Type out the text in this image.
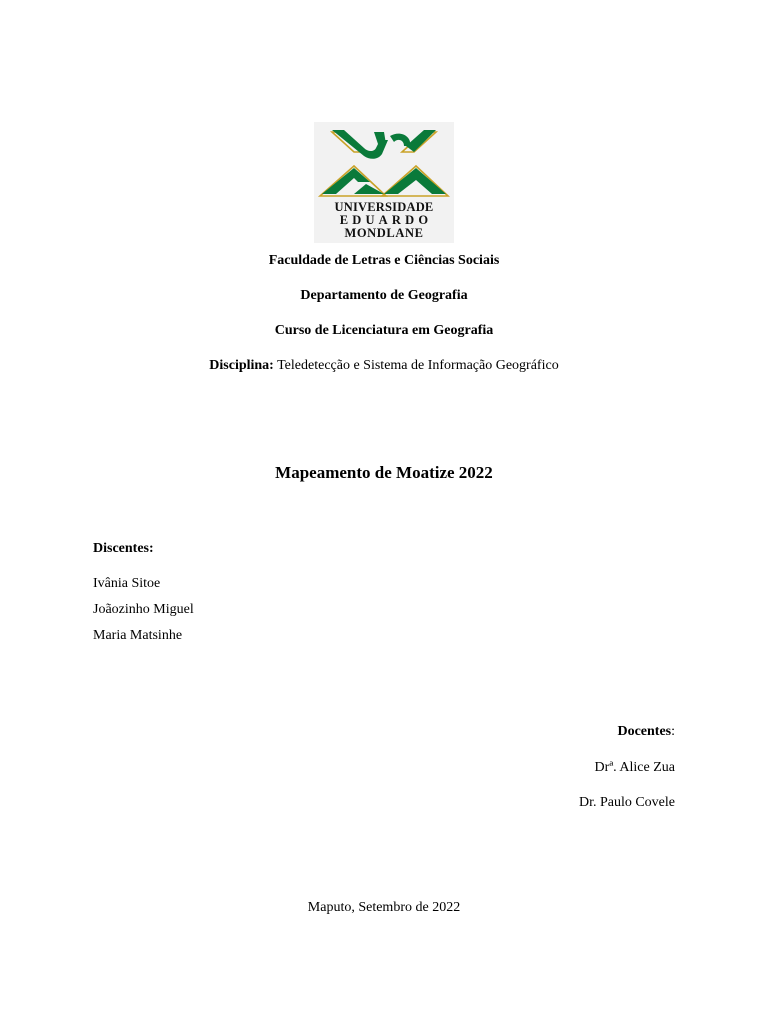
UNIVERSIDADE
EDUARDO
MONDLANE
Faculdade de Letras e Ciências Sociais
Departamento de Geografia
Curso de Licenciatura em Geografia
Disciplina: Teledetecção e Sistema de Informação Geográfico
Mapeamento de Moatize 2022
Discentes:
Ivânia Sitoe
Joãozinho Miguel
Maria Matsinhe
Docentes:
Drª. Alice Zua
Dr. Paulo Covele
Maputo, Setembro de 2022
